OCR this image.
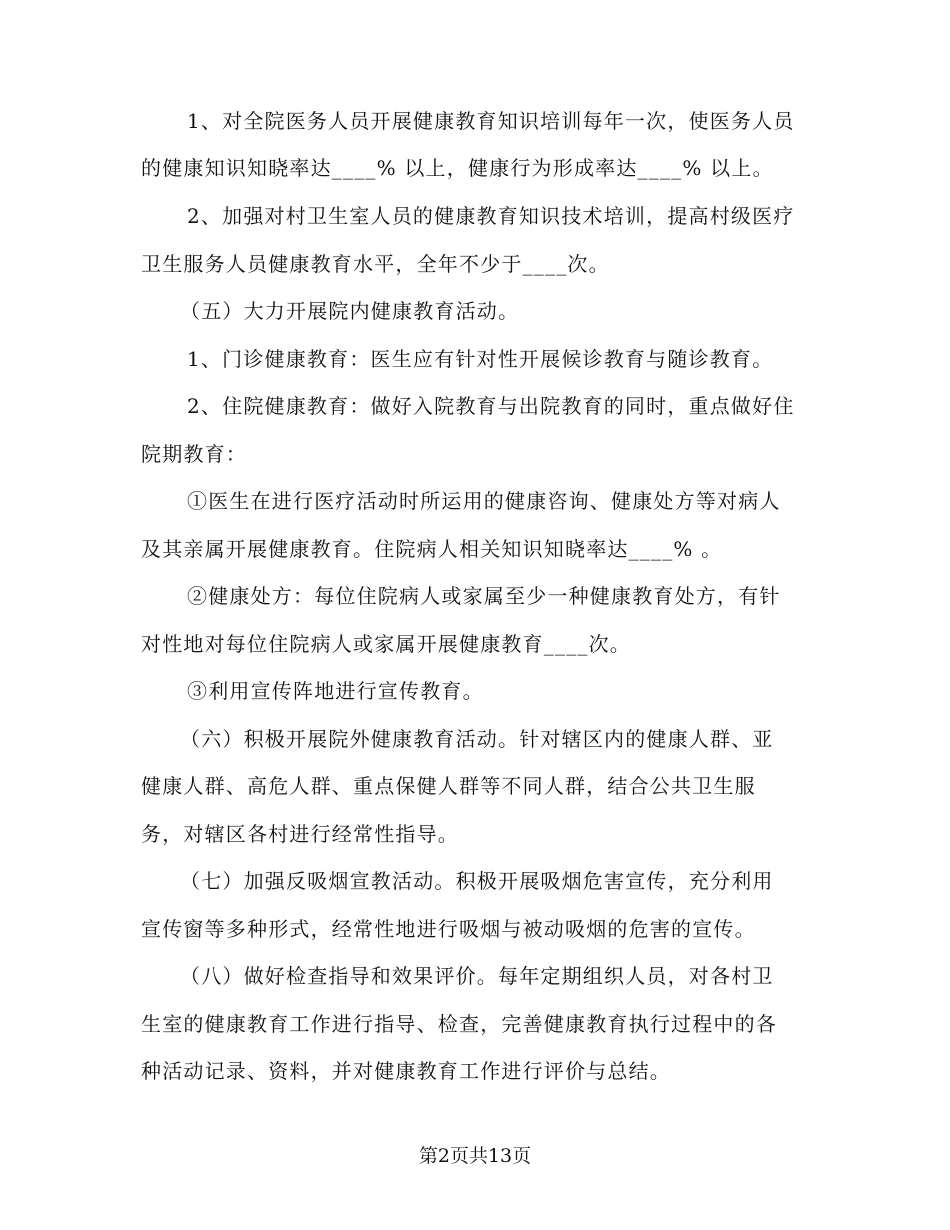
1、对全院医务人员开展健康教育知识培训每年一次，使医务人员
的健康知识知晓率达____% 以上，健康行为形成率达____% 以上。
2、加强对村卫生室人员的健康教育知识技术培训，提高村级医疗
卫生服务人员健康教育水平，全年不少于____次。
（五）大力开展院内健康教育活动。
1、门诊健康教育：医生应有针对性开展候诊教育与随诊教育。
2、住院健康教育：做好入院教育与出院教育的同时，重点做好住
院期教育：
①医生在进行医疗活动时所运用的健康咨询、健康处方等对病人
及其亲属开展健康教育。住院病人相关知识知晓率达____% 。
②健康处方：每位住院病人或家属至少一种健康教育处方，有针
对性地对每位住院病人或家属开展健康教育____次。
③利用宣传阵地进行宣传教育。
（六）积极开展院外健康教育活动。针对辖区内的健康人群、亚
健康人群、高危人群、重点保健人群等不同人群，结合公共卫生服
务，对辖区各村进行经常性指导。
（七）加强反吸烟宣教活动。积极开展吸烟危害宣传，充分利用
宣传窗等多种形式，经常性地进行吸烟与被动吸烟的危害的宣传。
（八）做好检查指导和效果评价。每年定期组织人员，对各村卫
生室的健康教育工作进行指导、检查，完善健康教育执行过程中的各
种活动记录、资料，并对健康教育工作进行评价与总结。
第2页共13页
